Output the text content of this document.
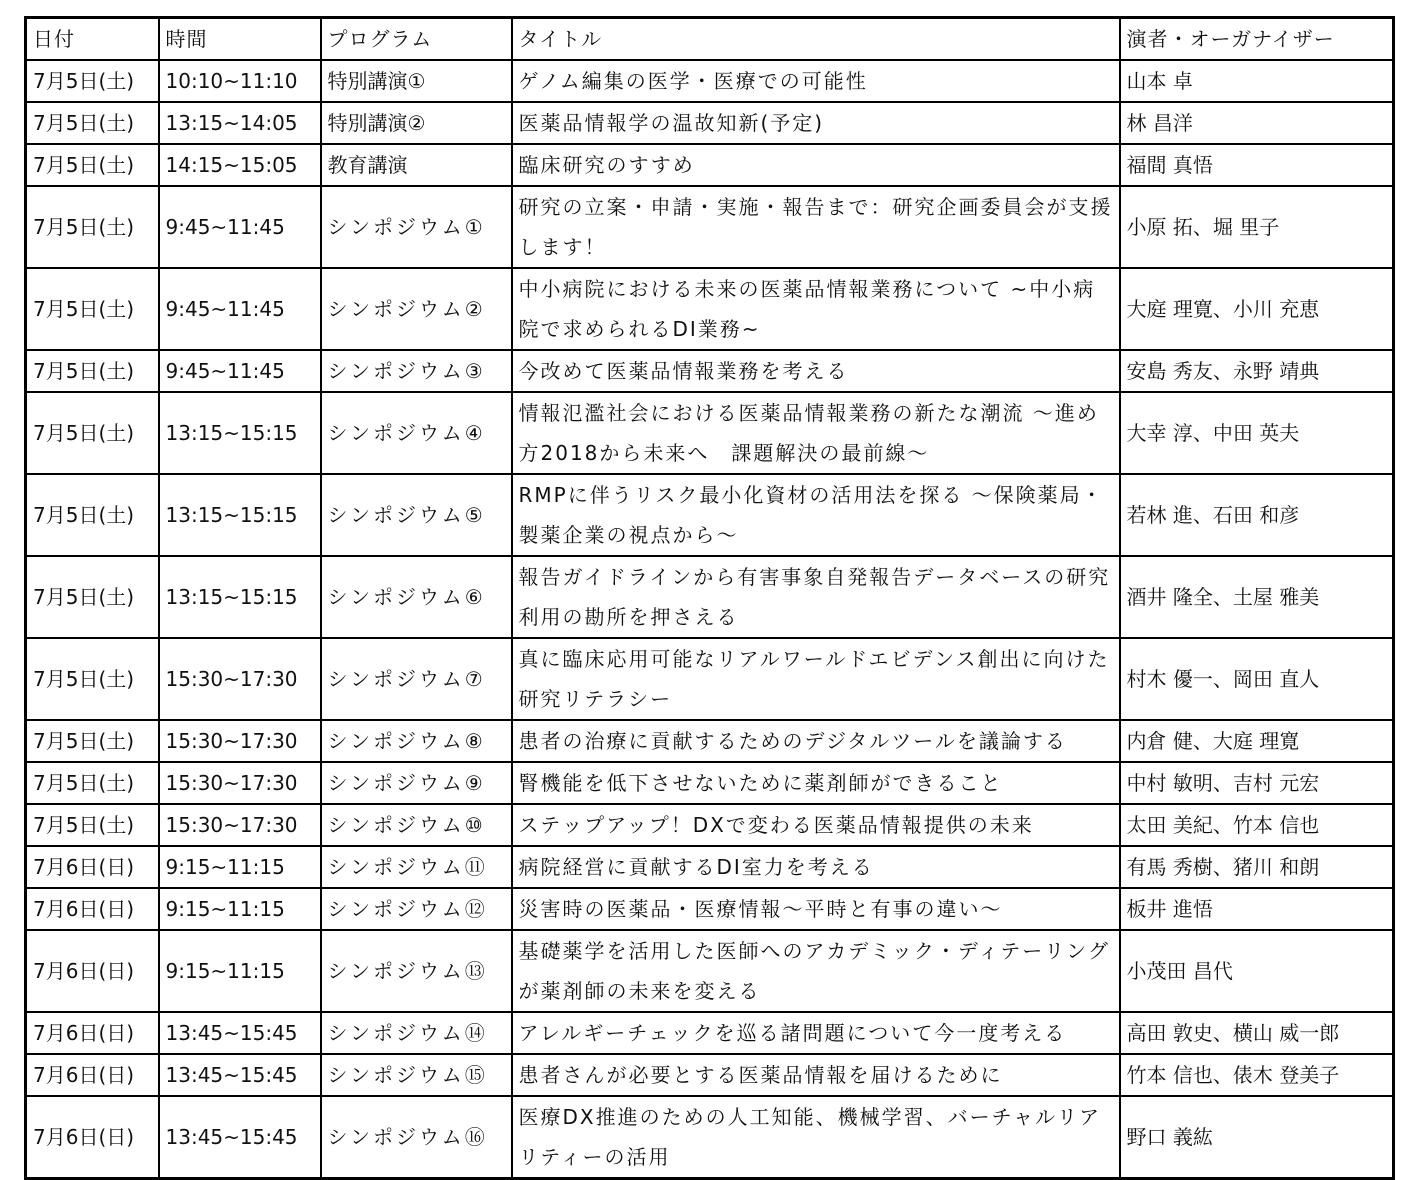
日付	時間	プログラム	タイトル	演者・オーガナイザー
7月5日(土)	10:10~11:10	特別講演①	ゲノム編集の医学・医療での可能性	山本 卓
7月5日(土)	13:15~14:05	特別講演②	医薬品情報学の温故知新(予定)	林 昌洋
7月5日(土)	14:15~15:05	教育講演	臨床研究のすすめ	福間 真悟
7月5日(土)	9:45~11:45	シンポジウム①	研究の立案・申請・実施・報告まで：研究企画委員会が支援します！	小原 拓、堀 里子
7月5日(土)	9:45~11:45	シンポジウム②	中小病院における未来の医薬品情報業務について ~中小病院で求められるDI業務~	大庭 理寛、小川 充恵
7月5日(土)	9:45~11:45	シンポジウム③	今改めて医薬品情報業務を考える	安島 秀友、永野 靖典
7月5日(土)	13:15~15:15	シンポジウム④	情報氾濫社会における医薬品情報業務の新たな潮流 ～進め方2018から未来へ　課題解決の最前線～	大幸 淳、中田 英夫
7月5日(土)	13:15~15:15	シンポジウム⑤	RMPに伴うリスク最小化資材の活用法を探る ～保険薬局・製薬企業の視点から～	若林 進、石田 和彦
7月5日(土)	13:15~15:15	シンポジウム⑥	報告ガイドラインから有害事象自発報告データベースの研究利用の勘所を押さえる	酒井 隆全、土屋 雅美
7月5日(土)	15:30~17:30	シンポジウム⑦	真に臨床応用可能なリアルワールドエビデンス創出に向けた研究リテラシー	村木 優一、岡田 直人
7月5日(土)	15:30~17:30	シンポジウム⑧	患者の治療に貢献するためのデジタルツールを議論する	内倉 健、大庭 理寛
7月5日(土)	15:30~17:30	シンポジウム⑨	腎機能を低下させないために薬剤師ができること	中村 敏明、吉村 元宏
7月5日(土)	15:30~17:30	シンポジウム⑩	ステップアップ！DXで変わる医薬品情報提供の未来	太田 美紀、竹本 信也
7月6日(日)	9:15~11:15	シンポジウム⑪	病院経営に貢献するDI室力を考える	有馬 秀樹、猪川 和朗
7月6日(日)	9:15~11:15	シンポジウム⑫	災害時の医薬品・医療情報～平時と有事の違い～	板井 進悟
7月6日(日)	9:15~11:15	シンポジウム⑬	基礎薬学を活用した医師へのアカデミック・ディテーリングが薬剤師の未来を変える	小茂田 昌代
7月6日(日)	13:45~15:45	シンポジウム⑭	アレルギーチェックを巡る諸問題について今一度考える	高田 敦史、横山 威一郎
7月6日(日)	13:45~15:45	シンポジウム⑮	患者さんが必要とする医薬品情報を届けるために	竹本 信也、俵木 登美子
7月6日(日)	13:45~15:45	シンポジウム⑯	医療DX推進のための人工知能、機械学習、バーチャルリアリティーの活用	野口 義紘
